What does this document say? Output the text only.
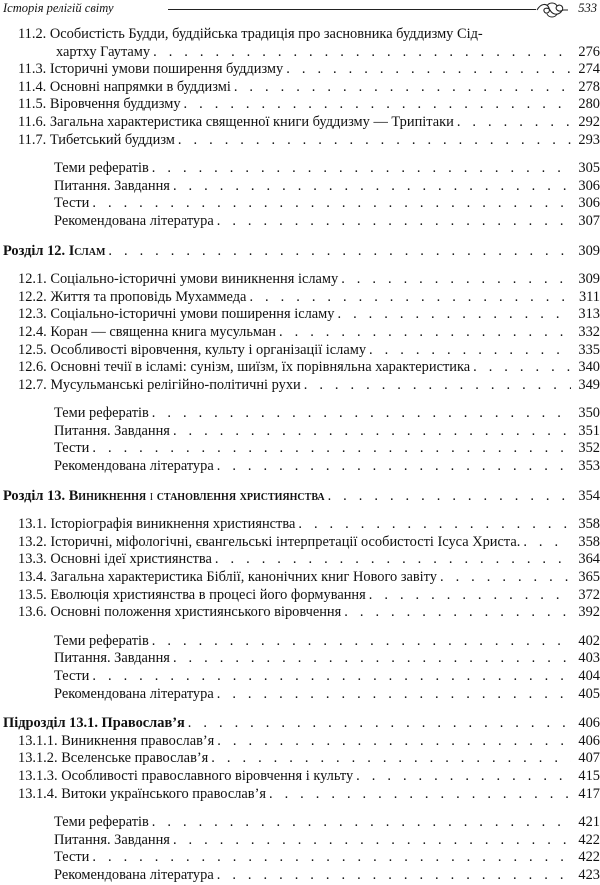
Історія релігій світу	533
11.2. Особистість Будди, буддійська традиція про засновника буддизму Сід-
хартху Гаутаму . . .	276
11.3. Історичні умови поширення буддизму . . .	274
11.4. Основні напрямки в буддизмі . . .	278
11.5. Віровчення буддизму . . .	280
11.6. Загальна характеристика священної книги буддизму — Трипітаки . . .	292
11.7. Тибетський буддизм . . .	293
Теми рефератів . . .	305
Питання. Завдання . . .	306
Тести . . .	306
Рекомендована література . . .	307
Розділ 12. Іслам . . .	309
12.1. Соціально-історичні умови виникнення ісламу . . .	309
12.2. Життя та проповідь Мухаммеда . . .	311
12.3. Соціально-історичні умови поширення ісламу . . .	313
12.4. Коран — священна книга мусульман . . .	332
12.5. Особливості віровчення, культу і організації ісламу . . .	335
12.6. Основні течії в ісламі: сунізм, шиїзм, їх порівняльна характеристика . . .	340
12.7. Мусульманські релігійно-політичні рухи . . .	349
Теми рефератів . . .	350
Питання. Завдання . . .	351
Тести . . .	352
Рекомендована література . . .	353
Розділ 13. Виникнення і становлення християнства . . .	354
13.1. Історіографія виникнення християнства . . .	358
13.2. Історичні, міфологічні, євангельські інтерпретації особистості Ісуса Христа. . . .	358
13.3. Основні ідеї християнства . . .	364
13.4. Загальна характеристика Біблії, канонічних книг Нового завіту . . .	365
13.5. Еволюція християнства в процесі його формування . . .	372
13.6. Основні положення християнського віровчення . . .	392
Теми рефератів . . .	402
Питання. Завдання . . .	403
Тести . . .	404
Рекомендована література . . .	405
Підрозділ 13.1. Православ’я . . .	406
13.1.1. Виникнення православ’я . . .	406
13.1.2. Вселенське православ’я . . .	407
13.1.3. Особливості православного віровчення і культу . . .	415
13.1.4. Витоки українського православ’я . . .	417
Теми рефератів . . .	421
Питання. Завдання . . .	422
Тести . . .	422
Рекомендована література . . .	423
